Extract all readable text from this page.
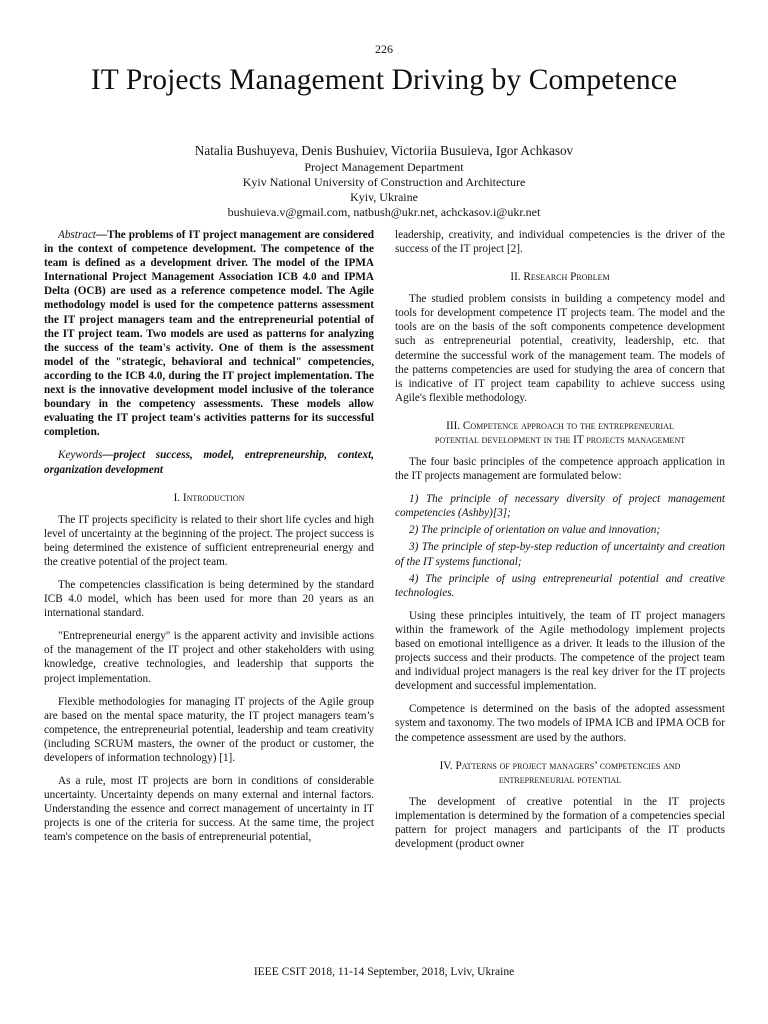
226
IT Projects Management Driving by Competence
Natalia Bushuyeva, Denis Bushuiev, Victoriia Busuieva, Igor Achkasov
Project Management Department
Kyiv National University of Construction and Architecture
Kyiv, Ukraine
bushuieva.v@gmail.com, natbush@ukr.net, achckasov.i@ukr.net

Abstract—The problems of IT project management are considered in the context of competence development. The competence of the team is defined as a development driver. The model of the IPMA International Project Management Association ICB 4.0 and IPMA Delta (OCB) are used as a reference competence model. The Agile methodology model is used for the competence patterns assessment the IT project managers team and the entrepreneurial potential of the IT project team. Two models are used as patterns for analyzing the success of the team's activity. One of them is the assessment model of the "strategic, behavioral and technical" competencies, according to the ICB 4.0, during the IT project implementation. The next is the innovative development model inclusive of the tolerance boundary in the competency assessments. These models allow evaluating the IT project team's activities patterns for its successful completion.

Keywords—project success, model, entrepreneurship, context, organization development

I. Introduction

The IT projects specificity is related to their short life cycles and high level of uncertainty at the beginning of the project. The project success is being determined the existence of sufficient entrepreneurial energy and the creative potential of the project team.

The competencies classification is being determined by the standard ICB 4.0 model, which has been used for more than 20 years as an international standard.

"Entrepreneurial energy" is the apparent activity and invisible actions of the management of the IT project and other stakeholders with using knowledge, creative technologies, and leadership that supports the project implementation.

Flexible methodologies for managing IT projects of the Agile group are based on the mental space maturity, the IT project managers team’s competence, the entrepreneurial potential, leadership and team creativity (including SCRUM masters, the owner of the product or customer, the developers of information technology) [1].

As a rule, most IT projects are born in conditions of considerable uncertainty. Uncertainty depends on many external and internal factors. Understanding the essence and correct management of uncertainty in IT projects is one of the criteria for success. At the same time, the project team's competence on the basis of entrepreneurial potential,

leadership, creativity, and individual competencies is the driver of the success of the IT project [2].

II. Research Problem

The studied problem consists in building a competency model and tools for development competence IT projects team. The model and the tools are on the basis of the soft components competence development such as entrepreneurial potential, creativity, leadership, etc. that determine the successful work of the management team. The models of the patterns competencies are used for studying the area of concern that is indicative of IT project team capability to achieve success using Agile's flexible methodology.

III. Competence approach to the entrepreneurial
potential development in the IT projects management

The four basic principles of the competence approach application in the IT projects management are formulated below:

1) The principle of necessary diversity of project management competencies (Ashby)[3];

2) The principle of orientation on value and innovation;

3) The principle of step-by-step reduction of uncertainty and creation of the IT systems functional;

4) The principle of using entrepreneurial potential and creative technologies.

Using these principles intuitively, the team of IT project managers within the framework of the Agile methodology implement projects based on emotional intelligence as a driver. It leads to the illusion of the projects success and their products. The competence of the project team and individual project managers is the real key driver for the IT projects development and successful implementation.

Competence is determined on the basis of the adopted assessment system and taxonomy. The two models of IPMA ICB and IPMA OCB for the competence assessment are used by the authors.

IV. Patterns of project managers’ competencies and
entrepreneurial potential

The development of creative potential in the IT projects implementation is determined by the formation of a competencies special pattern for project managers and participants of the IT products development (product owner

IEEE CSIT 2018, 11-14 September, 2018, Lviv, Ukraine
